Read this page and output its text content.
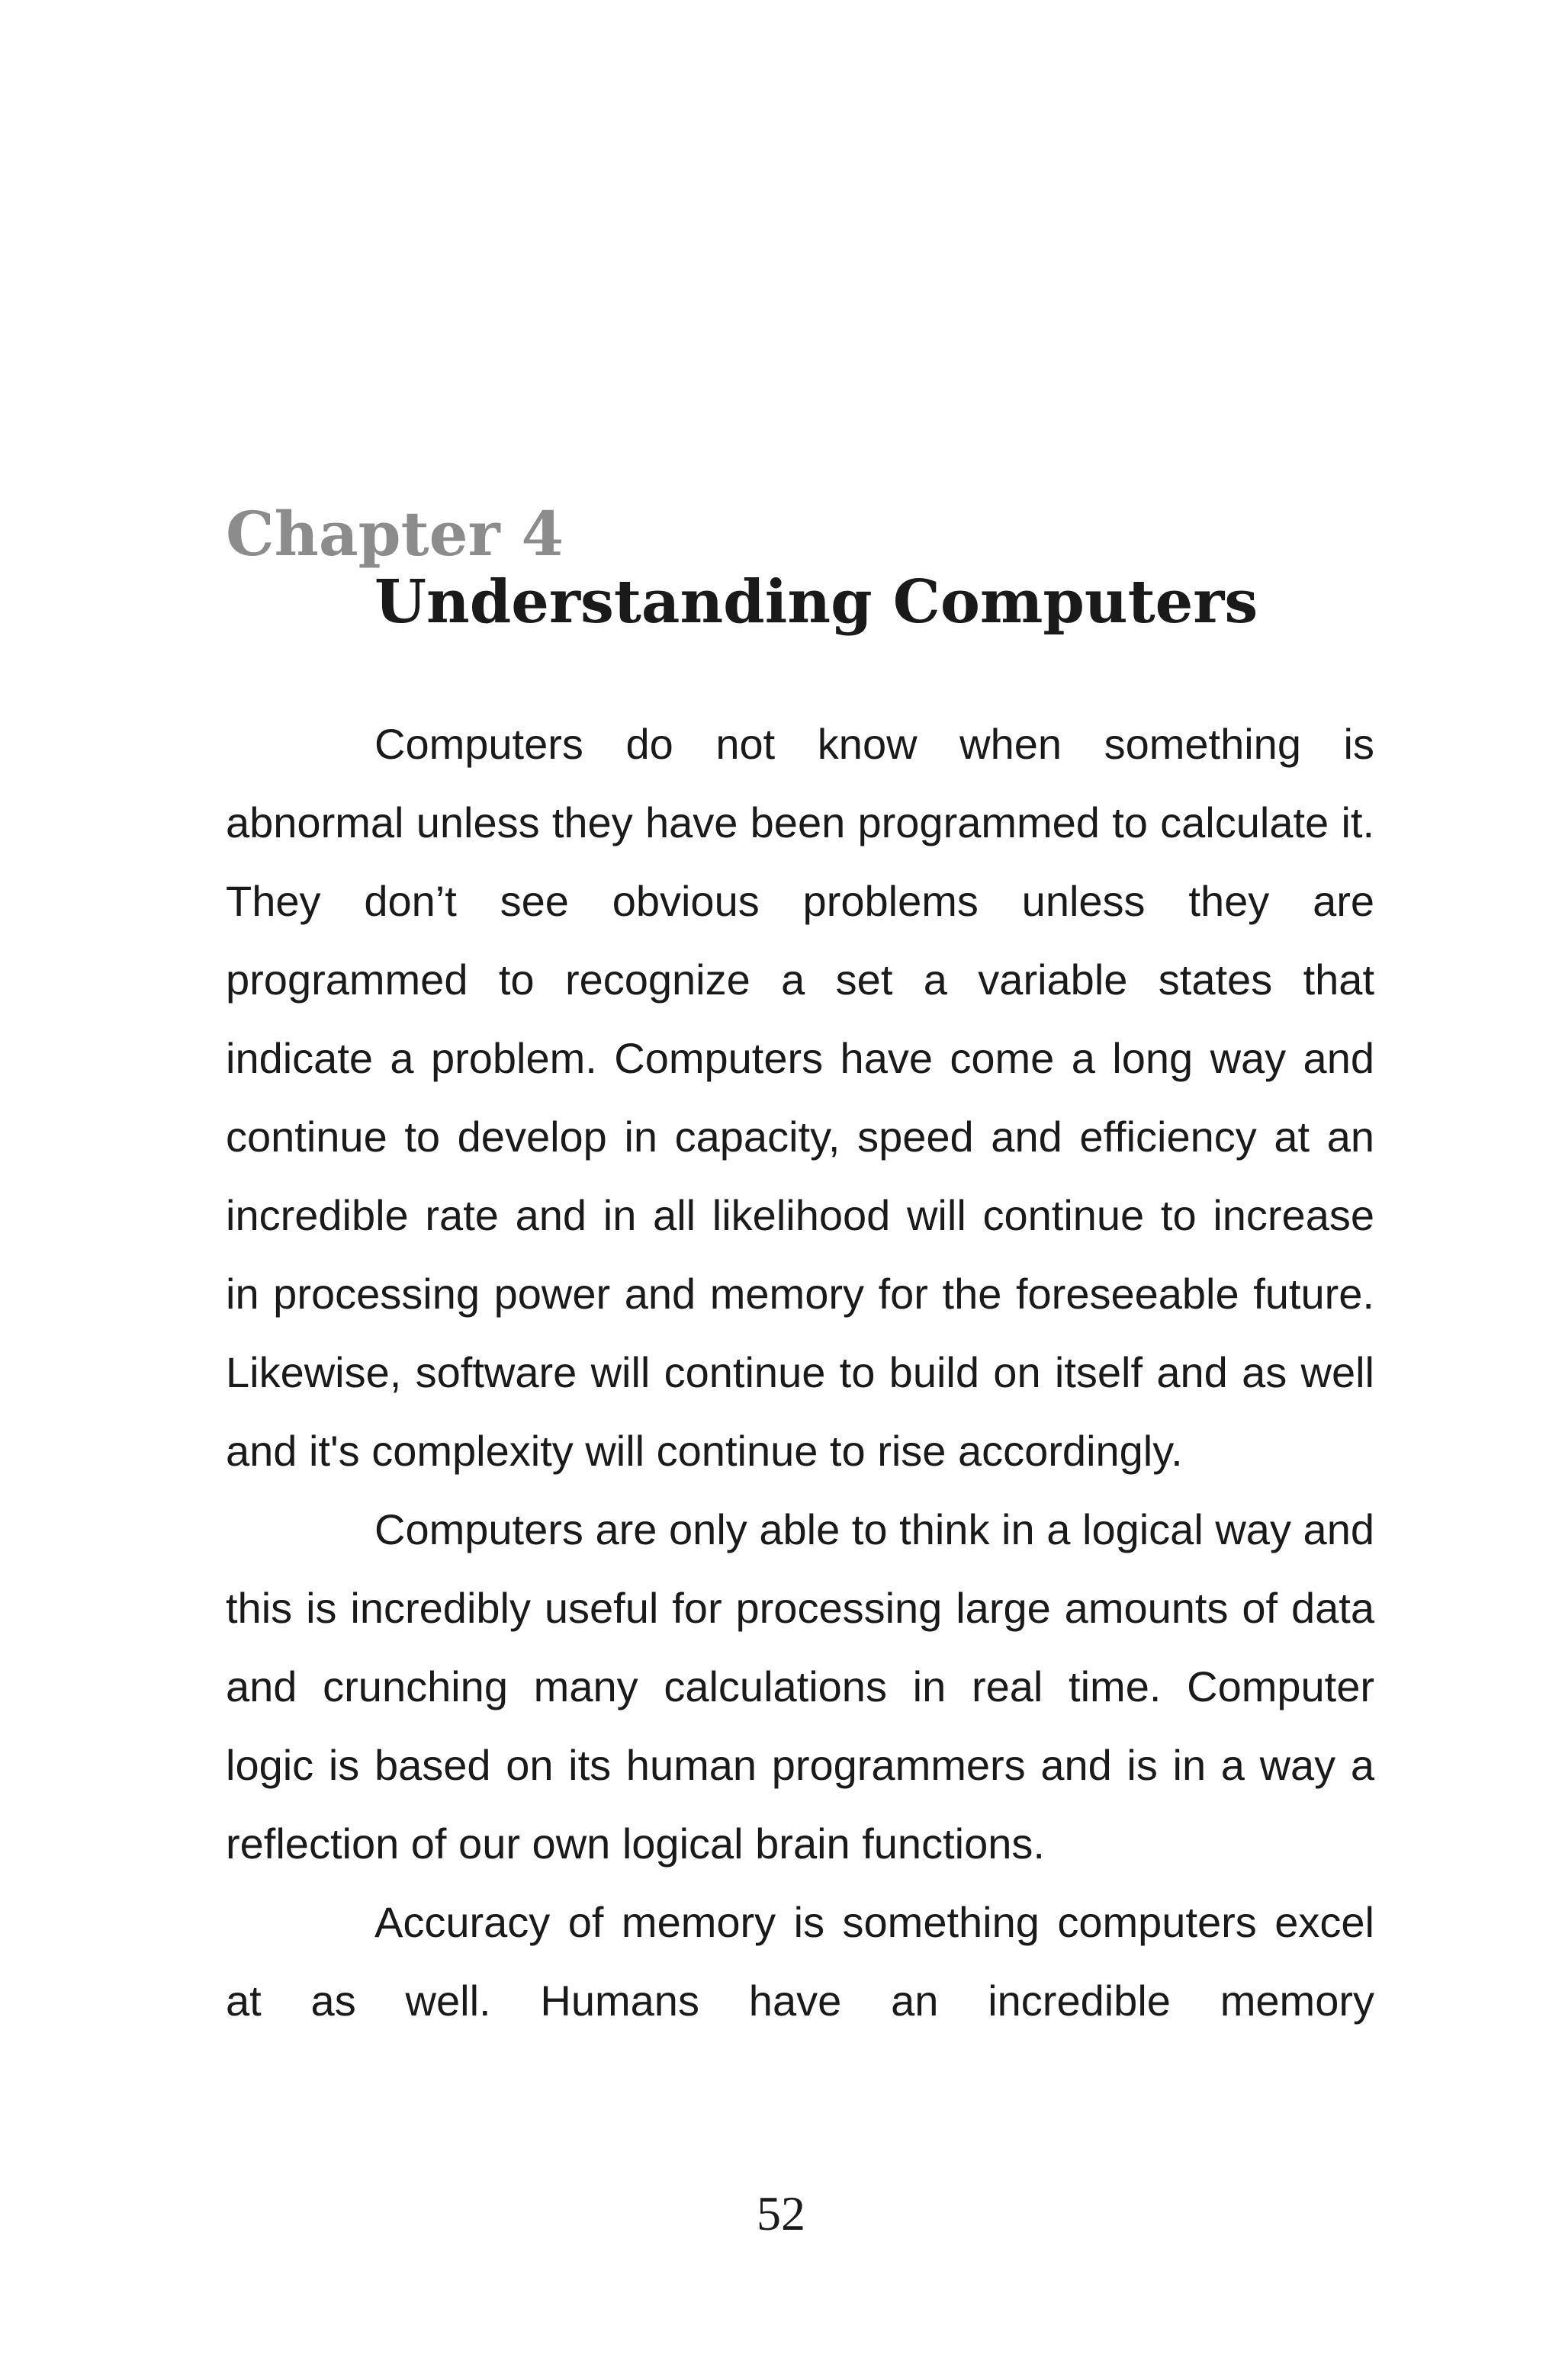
Chapter 4
Understanding Computers

Computers do not know when something is abnormal unless they have been programmed to calculate it. They don’t see obvious problems unless they are programmed to recognize a set a variable states that indicate a problem. Computers have come a long way and continue to develop in capacity, speed and efficiency at an incredible rate and in all likelihood will continue to increase in processing power and memory for the foreseeable future. Likewise, software will continue to build on itself and as well and it's complexity will continue to rise accordingly.

Computers are only able to think in a logical way and this is incredibly useful for processing large amounts of data and crunching many calculations in real time. Computer logic is based on its human programmers and is in a way a reflection of our own logical brain functions.

Accuracy of memory is something computers excel at as well. Humans have an incredible memory

52
